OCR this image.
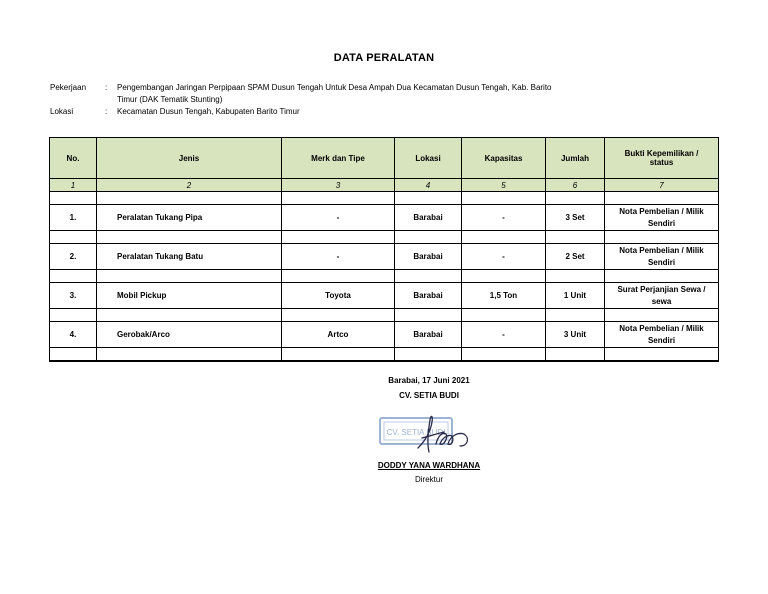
DATA PERALATAN
Pekerjaan	:	Pengembangan Jaringan Perpipaan SPAM Dusun Tengah Untuk Desa Ampah Dua Kecamatan Dusun Tengah, Kab. Barito
Timur (DAK Tematik Stunting)
Lokasi	:	Kecamatan Dusun Tengah, Kabupaten Barito Timur
No.	Jenis	Merk dan Tipe	Lokasi	Kapasitas	Jumlah	Bukti Kepemilikan /
status
1	2	3	4	5	6	7

1.	Peralatan Tukang Pipa	-	Barabai	-	3 Set	Nota Pembelian / Milik
Sendiri

2.	Peralatan Tukang Batu	-	Barabai	-	2 Set	Nota Pembelian / Milik
Sendiri

3.	Mobil Pickup	Toyota	Barabai	1,5 Ton	1 Unit	Surat Perjanjian Sewa /
sewa

4.	Gerobak/Arco	Artco	Barabai	-	3 Unit	Nota Pembelian / Milik
Sendiri

Barabai, 17 Juni 2021
CV. SETIA BUDI
CV. SETIA BUDI
DODDY YANA WARDHANA
Direktur
